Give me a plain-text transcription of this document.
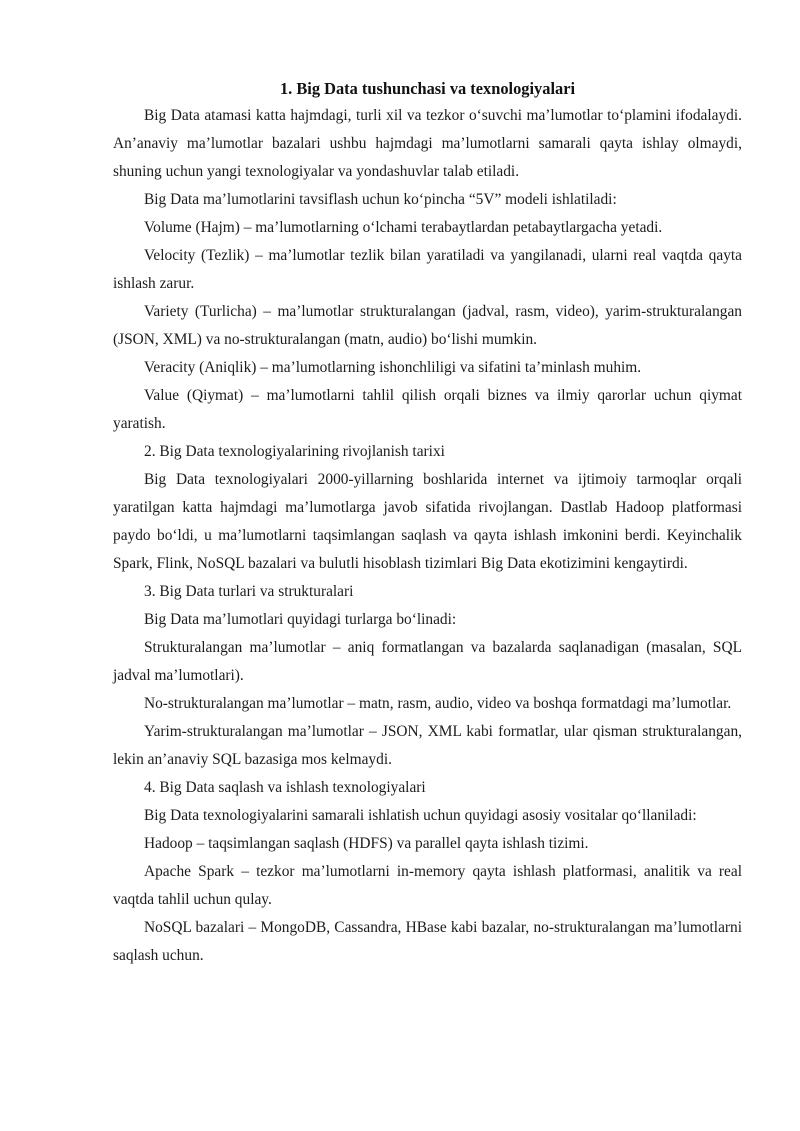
1. Big Data tushunchasi va texnologiyalari

Big Data atamasi katta hajmdagi, turli xil va tezkor o‘suvchi ma’lumotlar to‘plamini ifodalaydi. An’anaviy ma’lumotlar bazalari ushbu hajmdagi ma’lumotlarni samarali qayta ishlay olmaydi, shuning uchun yangi texnologiyalar va yondashuvlar talab etiladi.

Big Data ma’lumotlarini tavsiflash uchun ko‘pincha “5V” modeli ishlatiladi:

Volume (Hajm) – ma’lumotlarning o‘lchami terabaytlardan petabaytlargacha yetadi.

Velocity (Tezlik) – ma’lumotlar tezlik bilan yaratiladi va yangilanadi, ularni real vaqtda qayta ishlash zarur.

Variety (Turlicha) – ma’lumotlar strukturalangan (jadval, rasm, video), yarim-strukturalangan (JSON, XML) va no-strukturalangan (matn, audio) bo‘lishi mumkin.

Veracity (Aniqlik) – ma’lumotlarning ishonchliligi va sifatini ta’minlash muhim.

Value (Qiymat) – ma’lumotlarni tahlil qilish orqali biznes va ilmiy qarorlar uchun qiymat yaratish.

2. Big Data texnologiyalarining rivojlanish tarixi

Big Data texnologiyalari 2000-yillarning boshlarida internet va ijtimoiy tarmoqlar orqali yaratilgan katta hajmdagi ma’lumotlarga javob sifatida rivojlangan. Dastlab Hadoop platformasi paydo bo‘ldi, u ma’lumotlarni taqsimlangan saqlash va qayta ishlash imkonini berdi. Keyinchalik Spark, Flink, NoSQL bazalari va bulutli hisoblash tizimlari Big Data ekotizimini kengaytirdi.

3. Big Data turlari va strukturalari

Big Data ma’lumotlari quyidagi turlarga bo‘linadi:

Strukturalangan ma’lumotlar – aniq formatlangan va bazalarda saqlanadigan (masalan, SQL jadval ma’lumotlari).

No-strukturalangan ma’lumotlar – matn, rasm, audio, video va boshqa formatdagi ma’lumotlar.

Yarim-strukturalangan ma’lumotlar – JSON, XML kabi formatlar, ular qisman strukturalangan, lekin an’anaviy SQL bazasiga mos kelmaydi.

4. Big Data saqlash va ishlash texnologiyalari

Big Data texnologiyalarini samarali ishlatish uchun quyidagi asosiy vositalar qo‘llaniladi:

Hadoop – taqsimlangan saqlash (HDFS) va parallel qayta ishlash tizimi.

Apache Spark – tezkor ma’lumotlarni in-memory qayta ishlash platformasi, analitik va real vaqtda tahlil uchun qulay.

NoSQL bazalari – MongoDB, Cassandra, HBase kabi bazalar, no-strukturalangan ma’lumotlarni saqlash uchun.
